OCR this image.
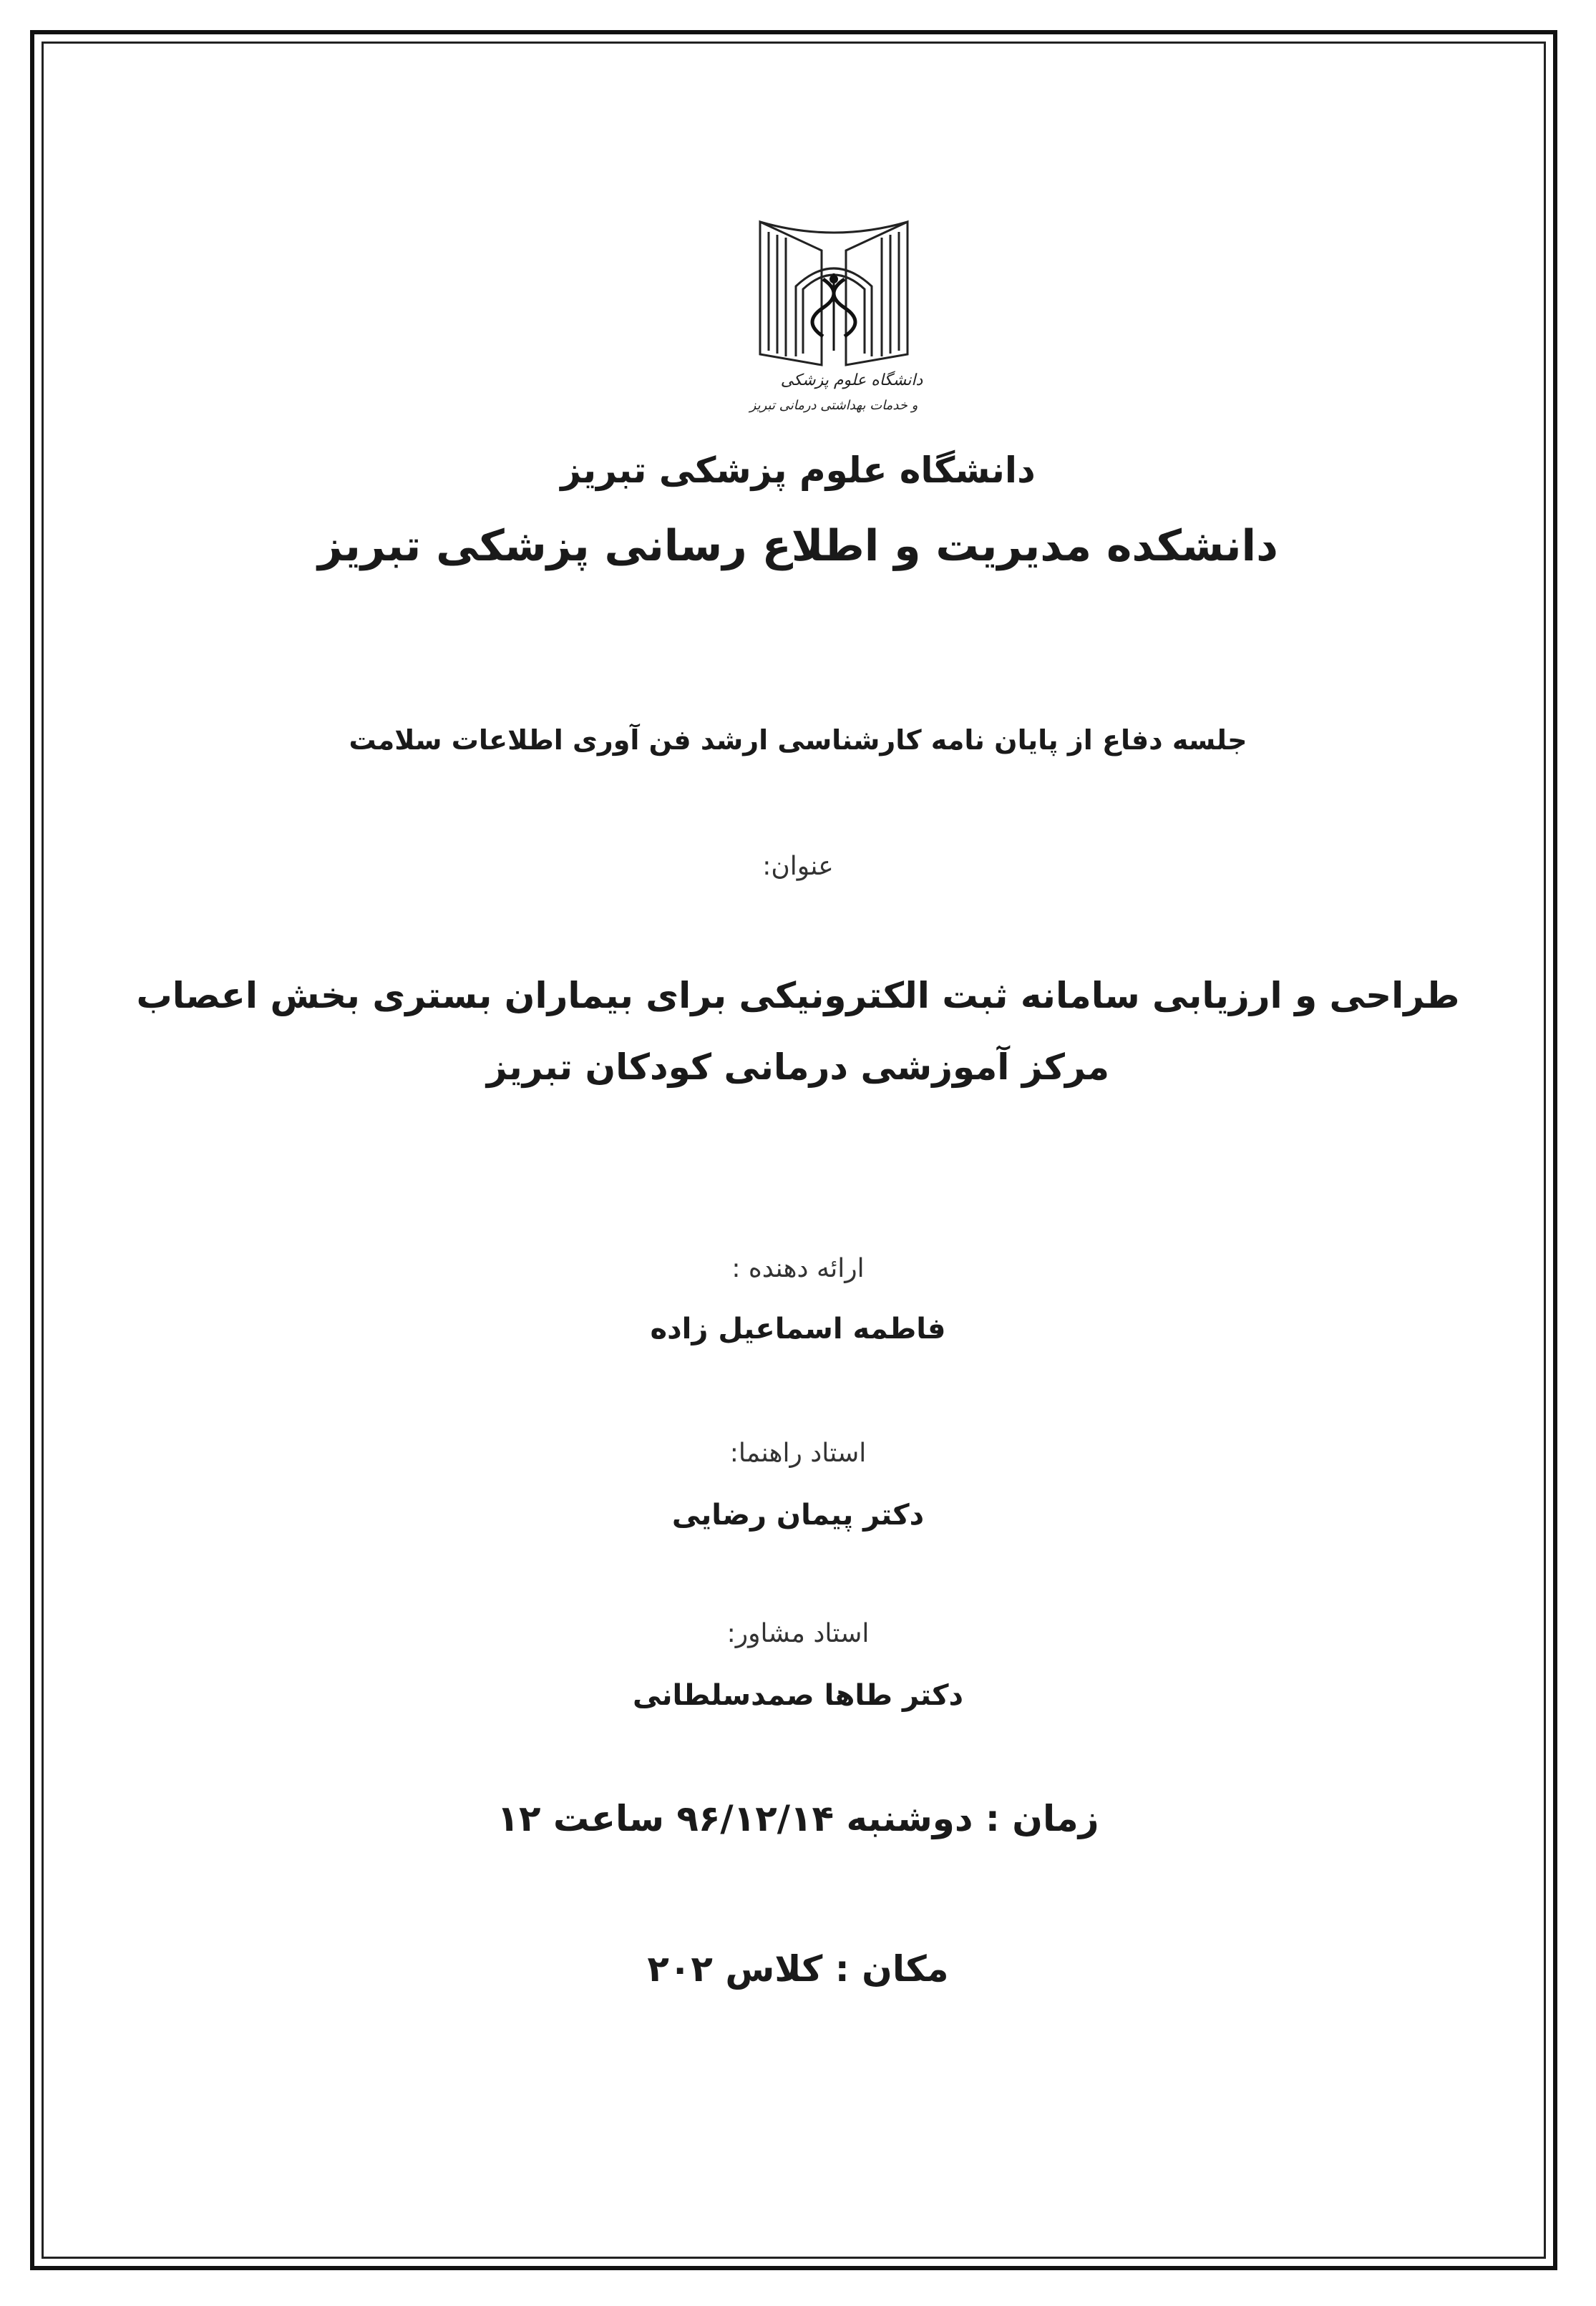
دانشگاه علوم پزشکی
و خدمات بهداشتی درمانی تبریز
دانشگاه علوم پزشکی تبریز
دانشکده مدیریت و اطلاع رسانی پزشکی تبریز
جلسه دفاع از پایان نامه کارشناسی ارشد فن آوری اطلاعات سلامت
عنوان:
طراحی و ارزیابی سامانه ثبت الکترونیکی برای بیماران بستری بخش اعصاب
مرکز آموزشی درمانی کودکان تبریز
ارائه دهنده :
فاطمه اسماعیل زاده
استاد راهنما:
دکتر پیمان رضایی
استاد مشاور:
دکتر طاها صمدسلطانی
زمان : دوشنبه ۹۶/۱۲/۱۴ ساعت ۱۲
مکان : کلاس ۲۰۲
